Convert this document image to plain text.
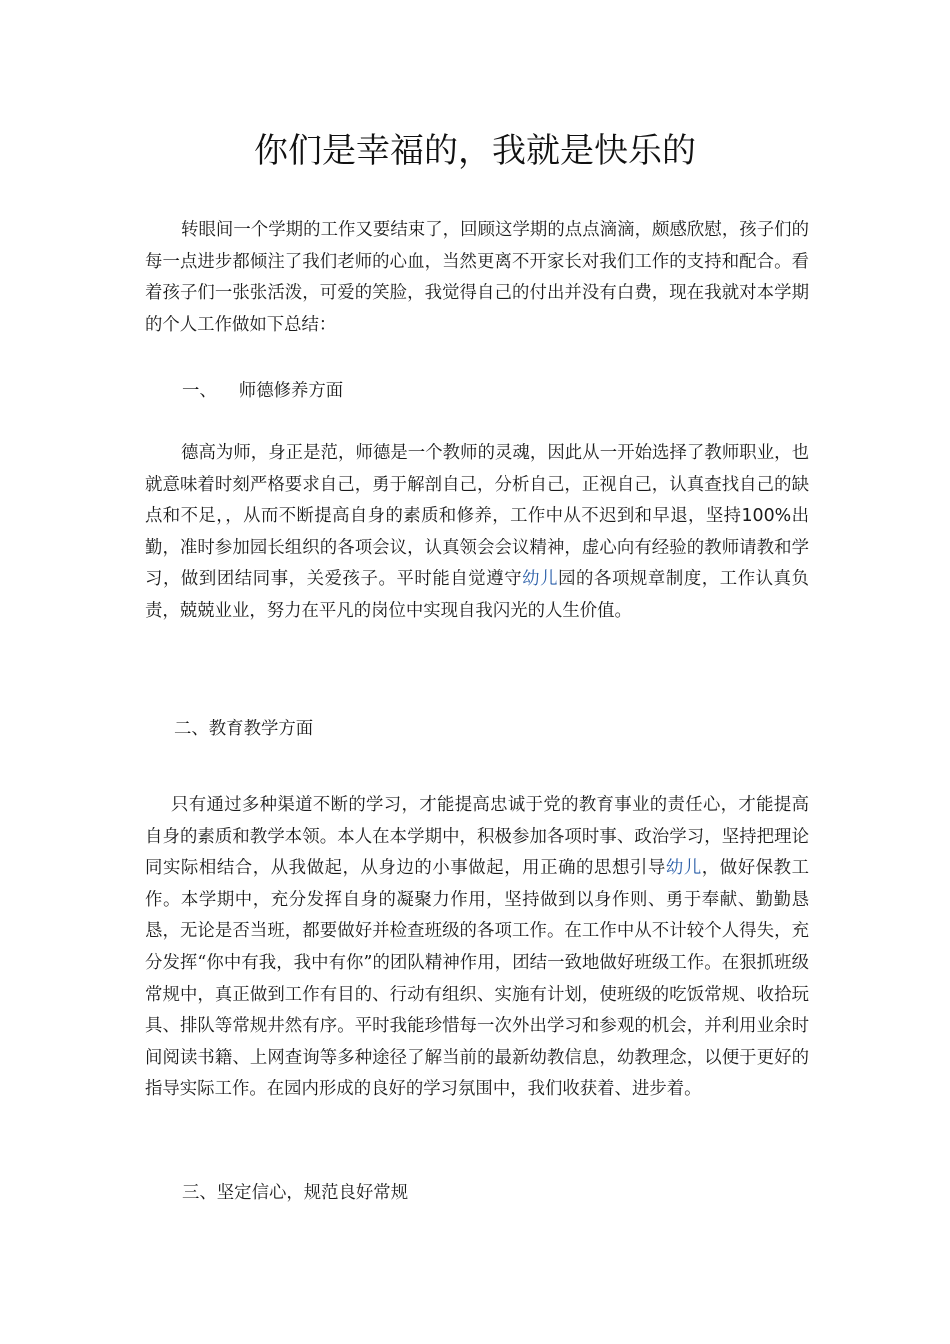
你们是幸福的，我就是快乐的

转眼间一个学期的工作又要结束了，回顾这学期的点点滴滴，颇感欣慰，孩子们的每一点进步都倾注了我们老师的心血，当然更离不开家长对我们工作的支持和配合。看着孩子们一张张活泼，可爱的笑脸，我觉得自己的付出并没有白费，现在我就对本学期的个人工作做如下总结：

一、 师德修养方面

德高为师，身正是范，师德是一个教师的灵魂，因此从一开始选择了教师职业，也就意味着时刻严格要求自己，勇于解剖自己，分析自己，正视自己，认真查找自己的缺点和不足，，从而不断提高自身的素质和修养，工作中从不迟到和早退，坚持100%出勤，准时参加园长组织的各项会议，认真领会会议精神，虚心向有经验的教师请教和学习，做到团结同事，关爱孩子。平时能自觉遵守幼儿园的各项规章制度，工作认真负责，兢兢业业，努力在平凡的岗位中实现自我闪光的人生价值。

二、教育教学方面

只有通过多种渠道不断的学习，才能提高忠诚于党的教育事业的责任心，才能提高自身的素质和教学本领。本人在本学期中，积极参加各项时事、政治学习，坚持把理论同实际相结合，从我做起，从身边的小事做起，用正确的思想引导幼儿，做好保教工作。本学期中，充分发挥自身的凝聚力作用，坚持做到以身作则、勇于奉献、勤勤恳恳，无论是否当班，都要做好并检查班级的各项工作。在工作中从不计较个人得失，充分发挥“你中有我，我中有你”的团队精神作用，团结一致地做好班级工作。在狠抓班级常规中，真正做到工作有目的、行动有组织、实施有计划，使班级的吃饭常规、收拾玩具、排队等常规井然有序。平时我能珍惜每一次外出学习和参观的机会，并利用业余时间阅读书籍、上网查询等多种途径了解当前的最新幼教信息，幼教理念，以便于更好的指导实际工作。在园内形成的良好的学习氛围中，我们收获着、进步着。

三、坚定信心，规范良好常规
